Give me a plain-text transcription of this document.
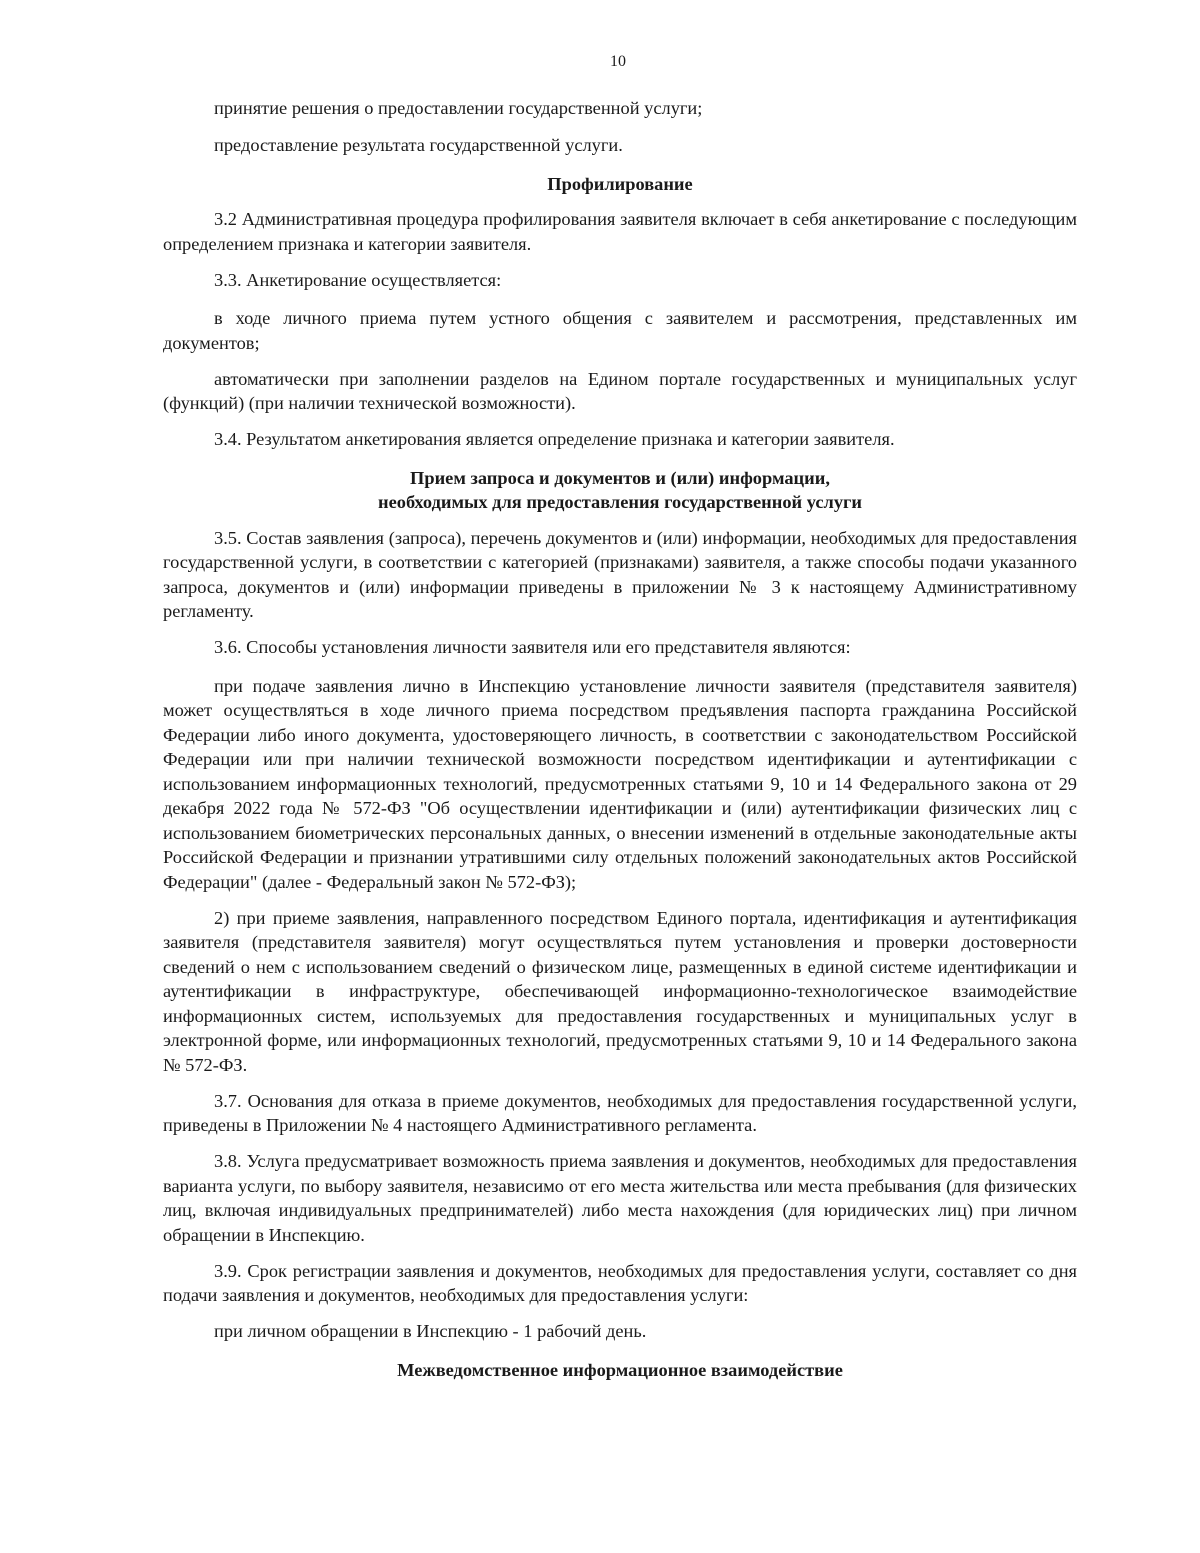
10

принятие решения о предоставлении государственной услуги;

предоставление результата государственной услуги.

Профилирование

3.2 Административная процедура профилирования заявителя включает в себя анкетирование с последующим определением признака и категории заявителя.

3.3. Анкетирование осуществляется:

в ходе личного приема путем устного общения с заявителем и рассмотрения, представленных им документов;

автоматически при заполнении разделов на Едином портале государственных и муниципальных услуг (функций) (при наличии технической возможности).

3.4. Результатом анкетирования является определение признака и категории заявителя.

Прием запроса и документов и (или) информации,
необходимых для предоставления государственной услуги

3.5. Состав заявления (запроса), перечень документов и (или) информации, необходимых для предоставления государственной услуги, в соответствии с категорией (признаками) заявителя, а также способы подачи указанного запроса, документов и (или) информации приведены в приложении № 3 к настоящему Административному регламенту.

3.6. Способы установления личности заявителя или его представителя являются:

при подаче заявления лично в Инспекцию установление личности заявителя (представителя заявителя) может осуществляться в ходе личного приема посредством предъявления паспорта гражданина Российской Федерации либо иного документа, удостоверяющего личность, в соответствии с законодательством Российской Федерации или при наличии технической возможности посредством идентификации и аутентификации с использованием информационных технологий, предусмотренных статьями 9, 10 и 14 Федерального закона от 29 декабря 2022 года № 572-ФЗ "Об осуществлении идентификации и (или) аутентификации физических лиц с использованием биометрических персональных данных, о внесении изменений в отдельные законодательные акты Российской Федерации и признании утратившими силу отдельных положений законодательных актов Российской Федерации" (далее - Федеральный закон № 572-ФЗ);

2) при приеме заявления, направленного посредством Единого портала, идентификация и аутентификация заявителя (представителя заявителя) могут осуществляться путем установления и проверки достоверности сведений о нем с использованием сведений о физическом лице, размещенных в единой системе идентификации и аутентификации в инфраструктуре, обеспечивающей информационно-технологическое взаимодействие информационных систем, используемых для предоставления государственных и муниципальных услуг в электронной форме, или информационных технологий, предусмотренных статьями 9, 10 и 14 Федерального закона № 572-ФЗ.

3.7. Основания для отказа в приеме документов, необходимых для предоставления государственной услуги, приведены в Приложении № 4 настоящего Административного регламента.

3.8. Услуга предусматривает возможность приема заявления и документов, необходимых для предоставления варианта услуги, по выбору заявителя, независимо от его места жительства или места пребывания (для физических лиц, включая индивидуальных предпринимателей) либо места нахождения (для юридических лиц) при личном обращении в Инспекцию.

3.9. Срок регистрации заявления и документов, необходимых для предоставления услуги, составляет со дня подачи заявления и документов, необходимых для предоставления услуги:

при личном обращении в Инспекцию - 1 рабочий день.

Межведомственное информационное взаимодействие
